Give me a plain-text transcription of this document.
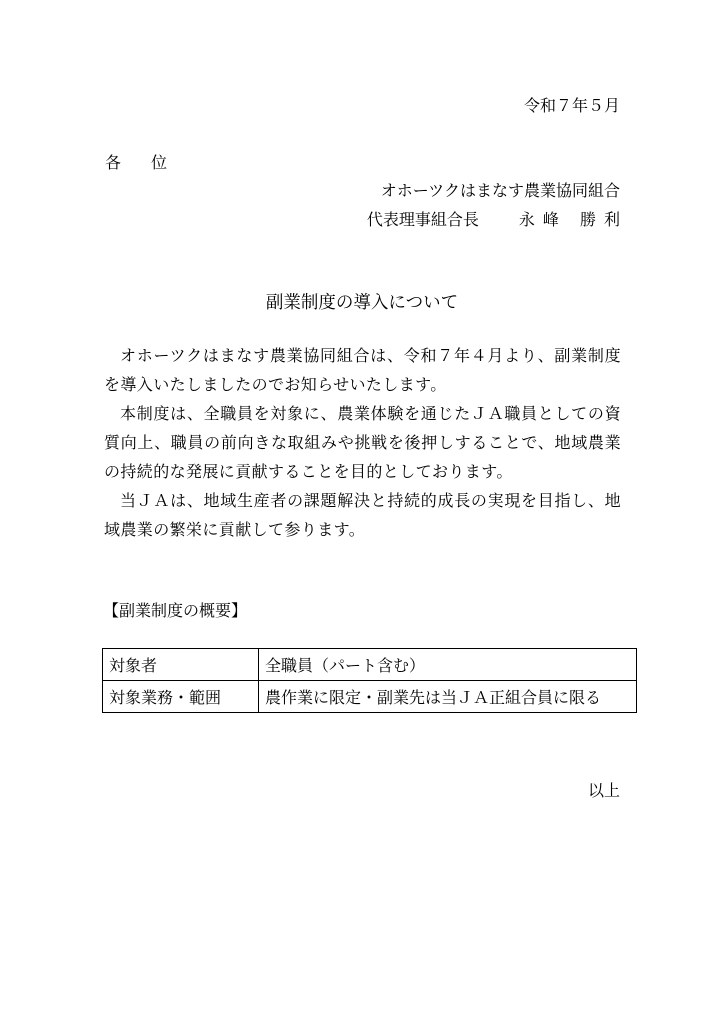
令和７年５月
各位
オホーツクはまなす農業協同組合
代表理事組合長	永峰 勝利
副業制度の導入について

オホーツクはまなす農業協同組合は、令和７年４月より、副業制度を導入いたしましたのでお知らせいたします。

本制度は、全職員を対象に、農業体験を通じたＪＡ職員としての資質向上、職員の前向きな取組みや挑戦を後押しすることで、地域農業の持続的な発展に貢献することを目的としております。

当ＪＡは、地域生産者の課題解決と持続的成長の実現を目指し、地域農業の繁栄に貢献して参ります。

【副業制度の概要】
対象者	全職員（パート含む）
対象業務・範囲	農作業に限定・副業先は当ＪＡ正組合員に限る
以上
